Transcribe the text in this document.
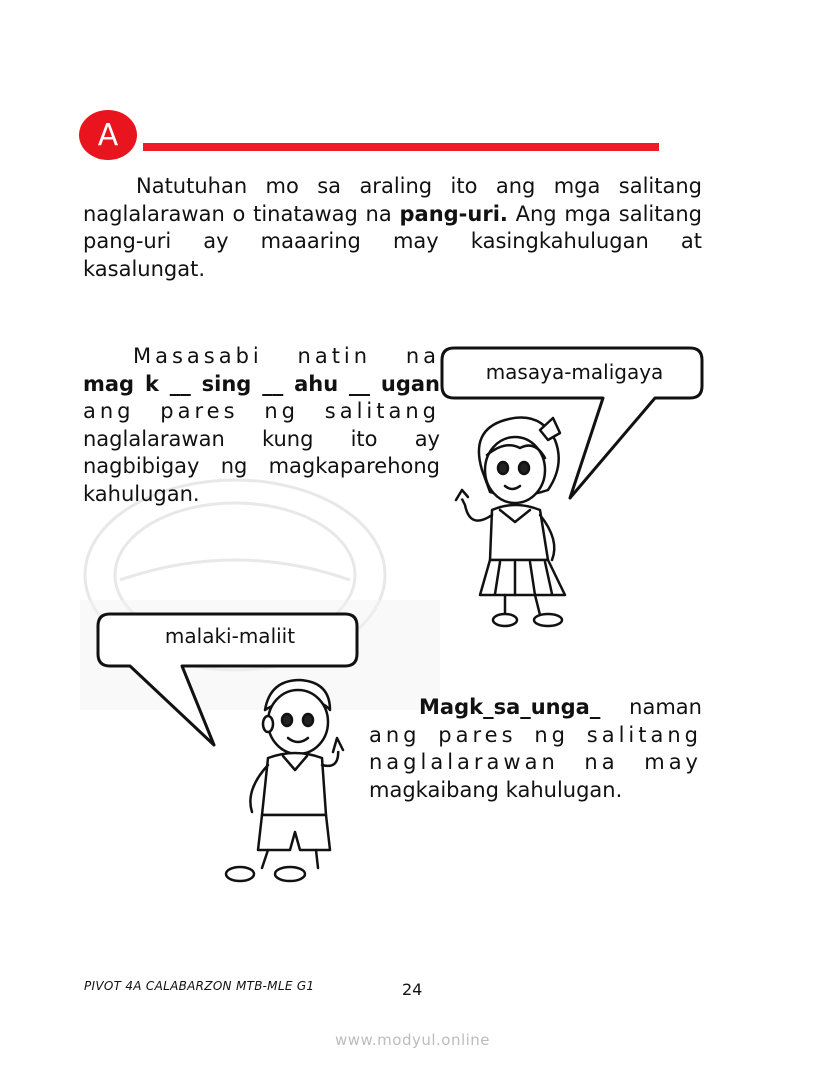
A

Natutuhan mo sa araling ito ang mga salitang naglalarawan o tinatawag na pang-uri. Ang mga salitang pang-uri ay maaaring may kasingkahulugan at kasalungat.

Masasabi natin na
mag k __ sing __ ahu __ ugan
ang pares ng salitang
naglalarawan kung ito ay
nagbibigay ng magkaparehong
kahulugan.
Magk_sa_unga_ naman
ang pares ng salitang
naglalarawan na may
magkaibang kahulugan.
masaya-maligaya
malaki-maliit
PIVOT 4A CALABARZON MTB-MLE G1	24
www.modyul.online
